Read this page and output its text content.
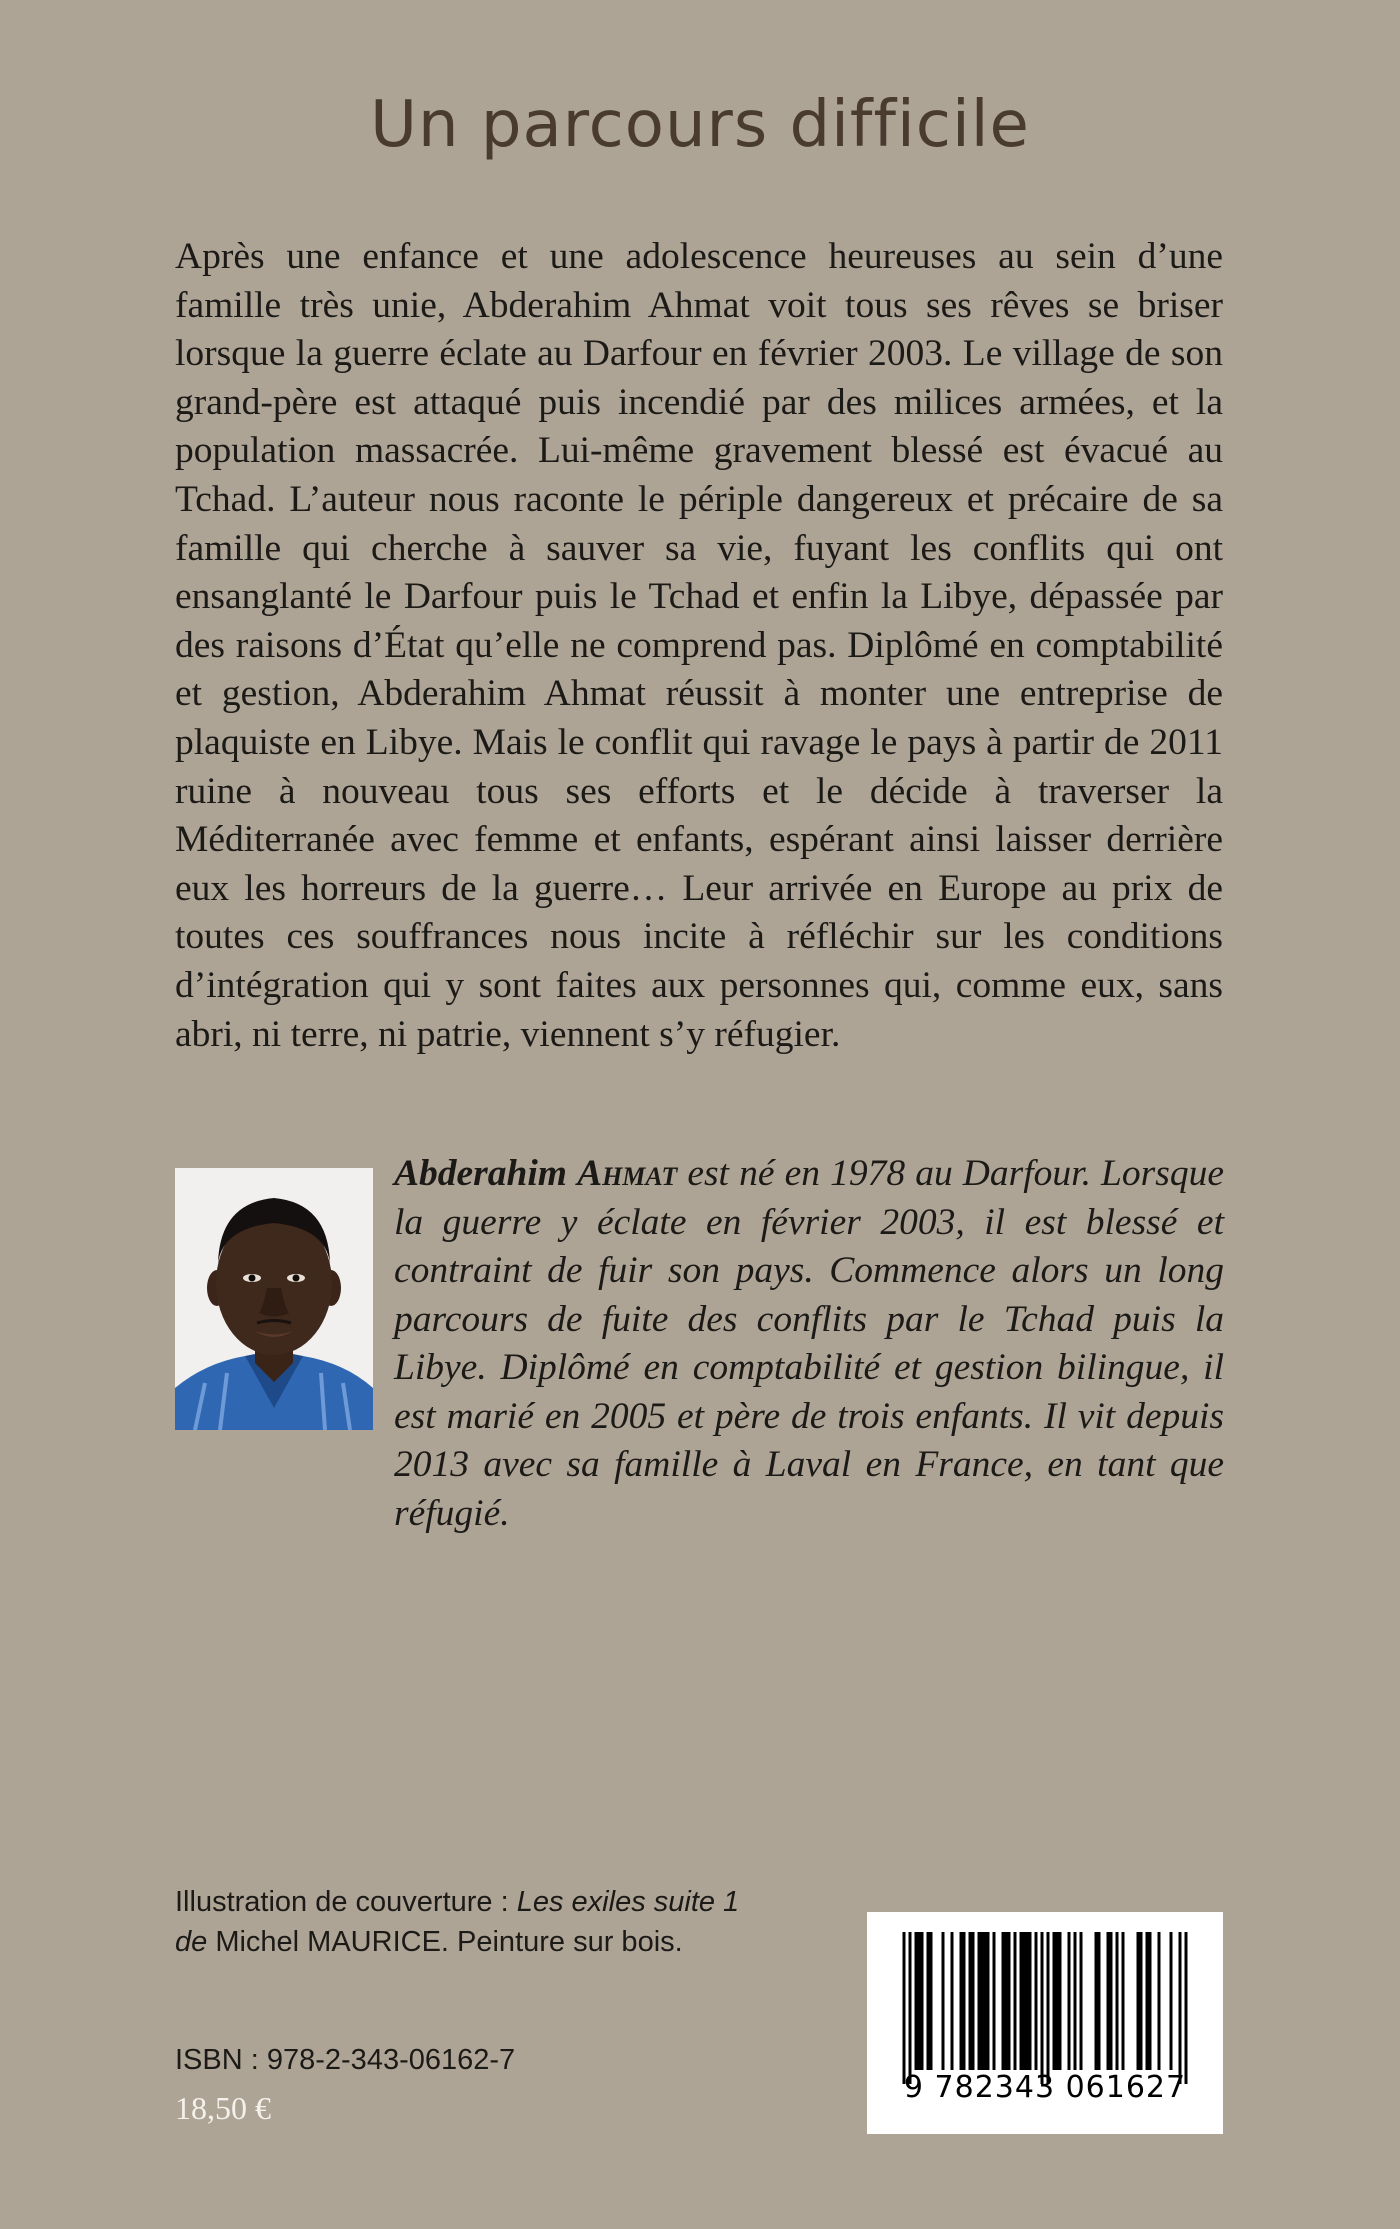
Un parcours difficile

Après une enfance et une adolescence heureuses au sein d’une famille très unie, Abderahim Ahmat voit tous ses rêves se briser lorsque la guerre éclate au Darfour en février 2003. Le village de son grand-père est attaqué puis incendié par des milices armées, et la population massacrée. Lui-même gravement blessé est évacué au Tchad. L’auteur nous raconte le périple dangereux et précaire de sa famille qui cherche à sauver sa vie, fuyant les conflits qui ont ensanglanté le Darfour puis le Tchad et enfin la Libye, dépassée par des raisons d’État qu’elle ne comprend pas. Diplômé en comptabilité et gestion, Abderahim Ahmat réussit à monter une entreprise de plaquiste en Libye. Mais le conflit qui ravage le pays à partir de 2011 ruine à nouveau tous ses efforts et le décide à traverser la Méditerranée avec femme et enfants, espérant ainsi laisser derrière eux les horreurs de la guerre… Leur arrivée en Europe au prix de toutes ces souffrances nous incite à réfléchir sur les conditions d’intégration qui y sont faites aux personnes qui, comme eux, sans abri, ni terre, ni patrie, viennent s’y réfugier.

Abderahim Ahmat est né en 1978 au Darfour. Lorsque la guerre y éclate en février 2003, il est blessé et contraint de fuir son pays. Commence alors un long parcours de fuite des conflits par le Tchad puis la Libye. Diplômé en comptabilité et gestion bilingue, il est marié en 2005 et père de trois enfants. Il vit depuis 2013 avec sa famille à Laval en France, en tant que réfugié.

Illustration de couverture : Les exiles suite 1
de Michel MAURICE. Peinture sur bois.
ISBN : 978-2-343-06162-7
18,50 €
9 782343 061627
